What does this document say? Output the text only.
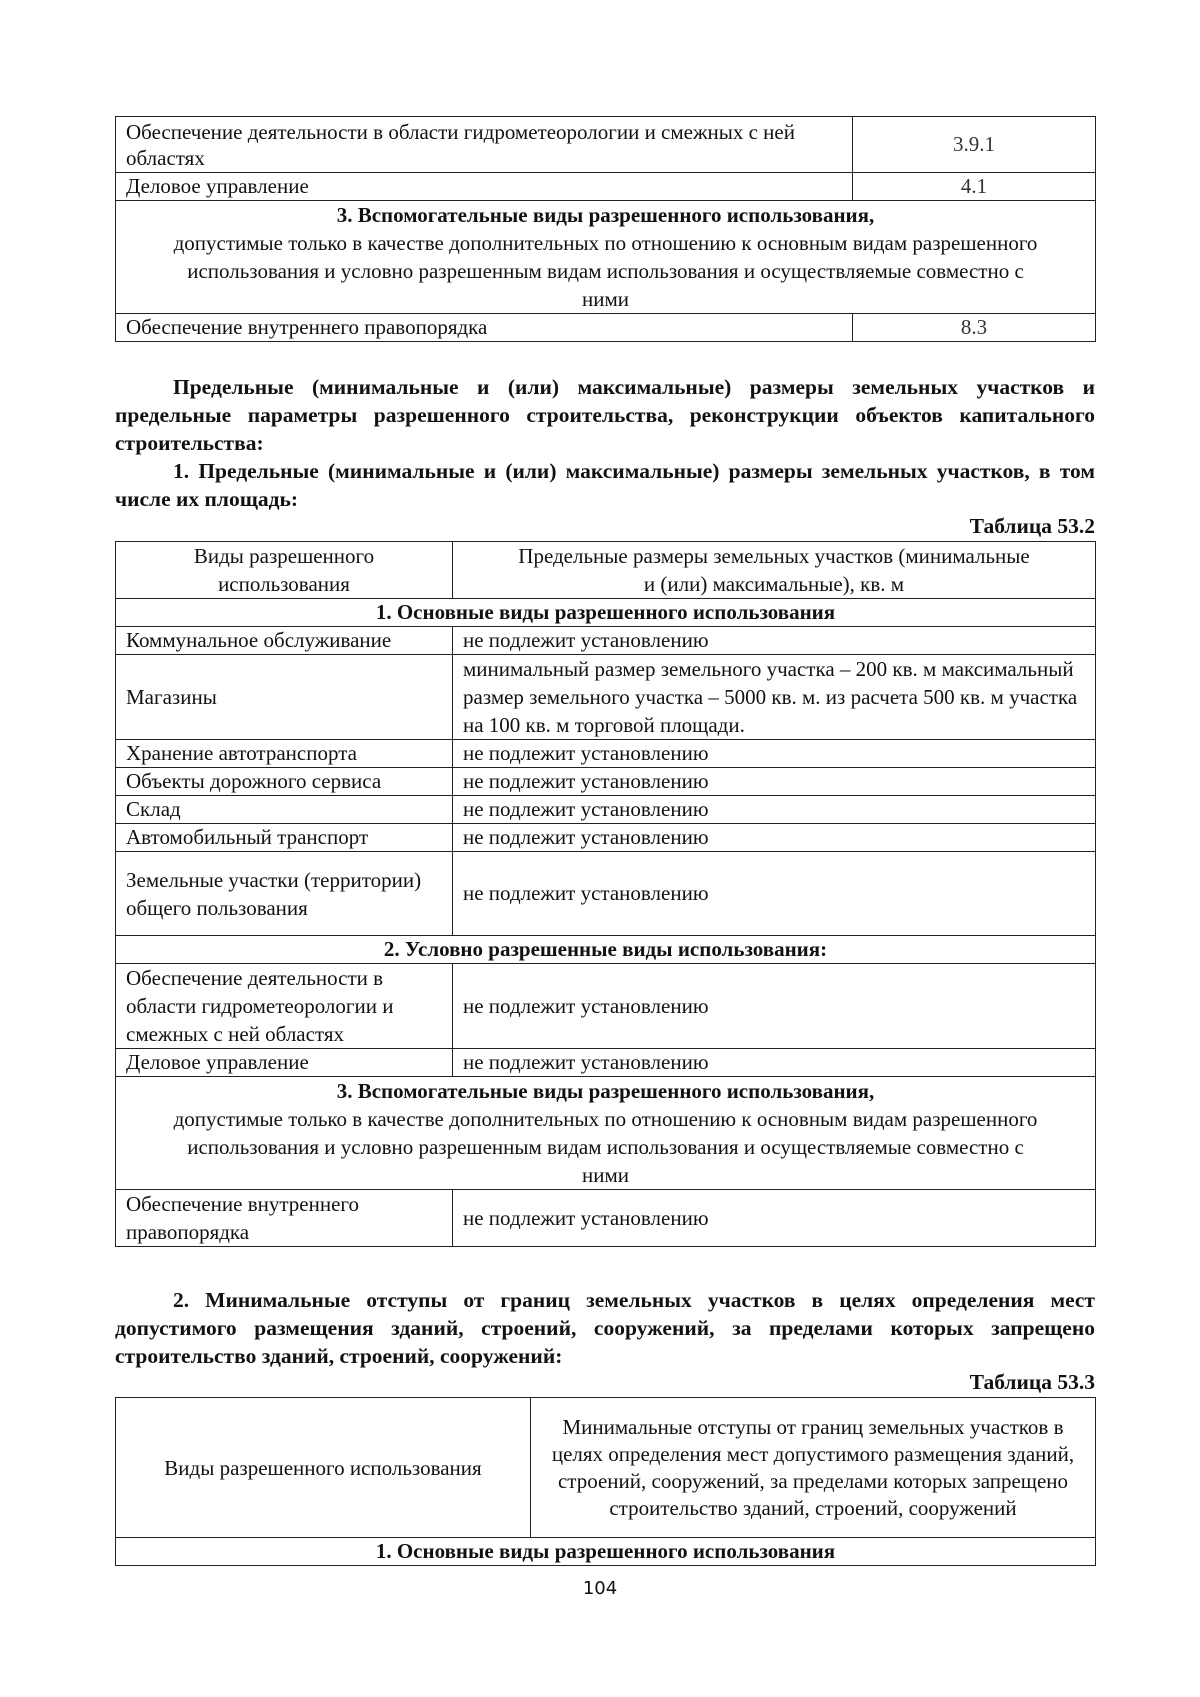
Обеспечение деятельности в области гидрометеорологии и смежных с ней областях	3.9.1
Деловое управление	4.1

3. Вспомогательные виды разрешенного использования,
допустимые только в качестве дополнительных по отношению к основным видам разрешенного использования и условно разрешенным видам использования и осуществляемые совместно с ними	

Обеспечение внутреннего правопорядка	8.3

Предельные (минимальные и (или) максимальные) размеры земельных участков и предельные параметры разрешенного строительства, реконструкции объектов капитального строительства:

1. Предельные (минимальные и (или) максимальные) размеры земельных участков, в том числе их площадь:

Таблица 53.2

Виды разрешенного использования	Предельные размеры земельных участков (минимальные и (или) максимальные), кв. м
1. Основные виды разрешенного использования	
Коммунальное обслуживание	не подлежит установлению
Магазины	минимальный размер земельного участка – 200 кв. м максимальный размер земельного участка – 5000 кв. м. из расчета 500 кв. м участка на 100 кв. м торговой площади.
Хранение автотранспорта	не подлежит установлению
Объекты дорожного сервиса	не подлежит установлению
Склад	не подлежит установлению
Автомобильный транспорт	не подлежит установлению
Земельные участки (территории) общего пользования	не подлежит установлению
2. Условно разрешенные виды использования:	
Обеспечение деятельности в области гидрометеорологии и смежных с ней областях	не подлежит установлению
Деловое управление	не подлежит установлению

3. Вспомогательные виды разрешенного использования,
допустимые только в качестве дополнительных по отношению к основным видам разрешенного использования и условно разрешенным видам использования и осуществляемые совместно с ними	

Обеспечение внутреннего правопорядка	не подлежит установлению

2. Минимальные отступы от границ земельных участков в целях определения мест допустимого размещения зданий, строений, сооружений, за пределами которых запрещено строительство зданий, строений, сооружений:

Таблица 53.3

Виды разрешенного использования	Минимальные отступы от границ земельных участков в целях определения мест допустимого размещения зданий, строений, сооружений, за пределами которых запрещено строительство зданий, строений, сооружений
1. Основные виды разрешенного использования
104
